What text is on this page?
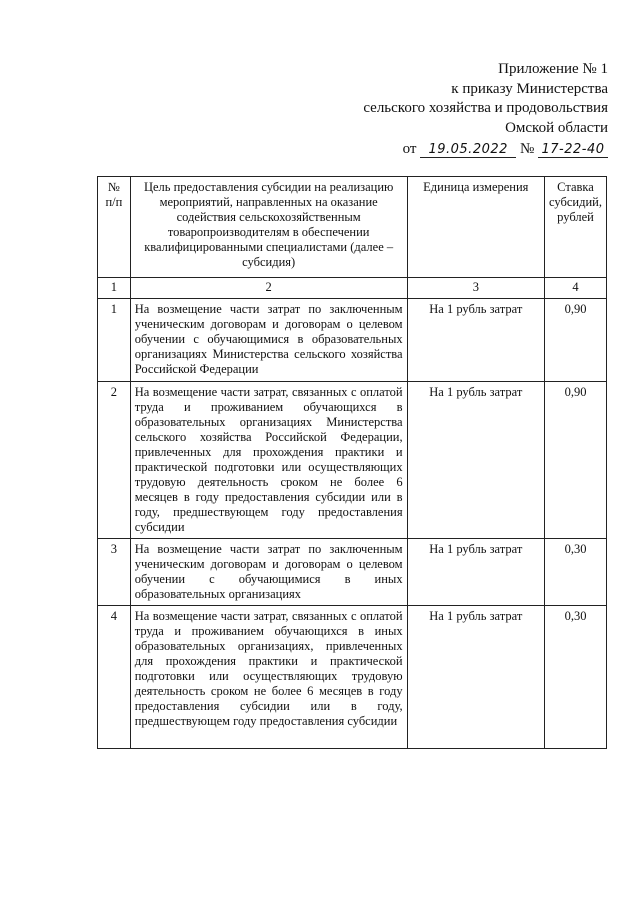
Приложение № 1
к приказу Министерства
сельского хозяйства и продовольствия
Омской области
от 19.05.2022 № 17-22-40
№ п/п	Цель предоставления субсидии на реализацию мероприятий, направленных на оказание содействия сельскохозяйственным товаропроизводителям в обеспечении квалифицированными специалистами (далее – субсидия)	Единица измерения	Ставка субсидий, рублей
1	2	3	4
1	На возмещение части затрат по заключенным ученическим договорам и договорам о целевом обучении с обучающимися в образовательных организациях Министерства сельского хозяйства Российской Федерации	На 1 рубль затрат	0,90
2	На возмещение части затрат, связанных с оплатой труда и проживанием обучающихся в образовательных организациях Министерства сельского хозяйства Российской Федерации, привлеченных для прохождения практики и практической подготовки или осуществляющих трудовую деятельность сроком не более 6 месяцев в году предоставления субсидии или в году, предшествующем году предоставления субсидии	На 1 рубль затрат	0,90
3	На возмещение части затрат по заключенным ученическим договорам и договорам о целевом обучении с обучающимися в иных образовательных организациях	На 1 рубль затрат	0,30
4	На возмещение части затрат, связанных с оплатой труда и проживанием обучающихся в иных образовательных организациях, привлеченных для прохождения практики и практической подготовки или осуществляющих трудовую деятельность сроком не более 6 месяцев в году предоставления субсидии или в году, предшествующем году предоставления субсидии	На 1 рубль затрат	0,30
